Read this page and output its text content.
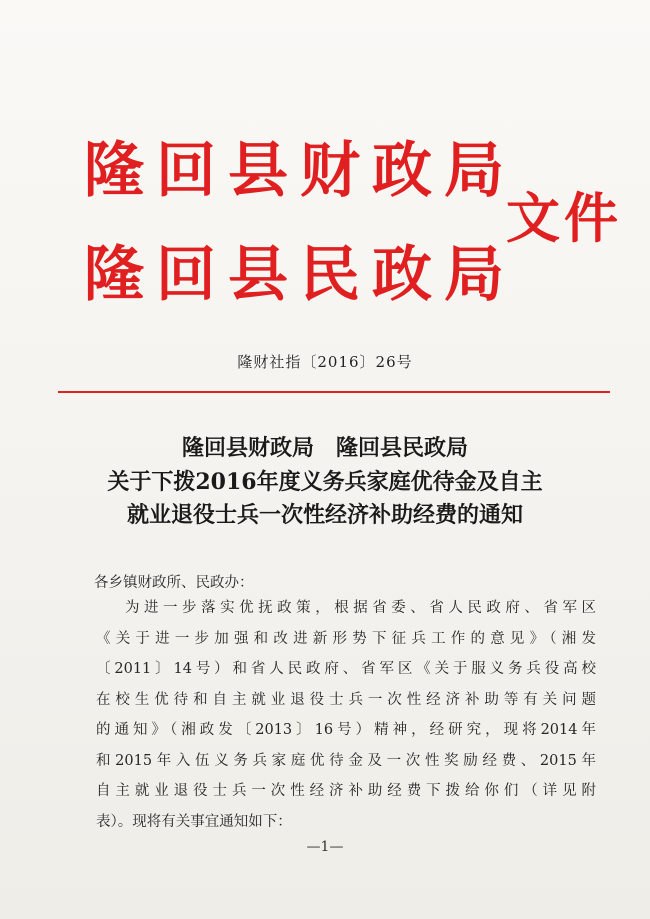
隆回县财政局
隆回县民政局
文件
隆财社指〔2016〕26号
隆回县财政局　隆回县民政局
关于下拨2016年度义务兵家庭优待金及自主
就业退役士兵一次性经济补助经费的通知
各乡镇财政所、民政办：
为进一步落实优抚政策，根据省委、省人民政府、省军区
《关于进一步加强和改进新形势下征兵工作的意见》（湘发
〔2011〕14号）和省人民政府、省军区《关于服义务兵役高校
在校生优待和自主就业退役士兵一次性经济补助等有关问题
的通知》（湘政发〔2013〕16号）精神，经研究，现将2014年
和2015年入伍义务兵家庭优待金及一次性奖励经费、2015年
自主就业退役士兵一次性经济补助经费下拨给你们（详见附
表）。现将有关事宜通知如下：
—1—
